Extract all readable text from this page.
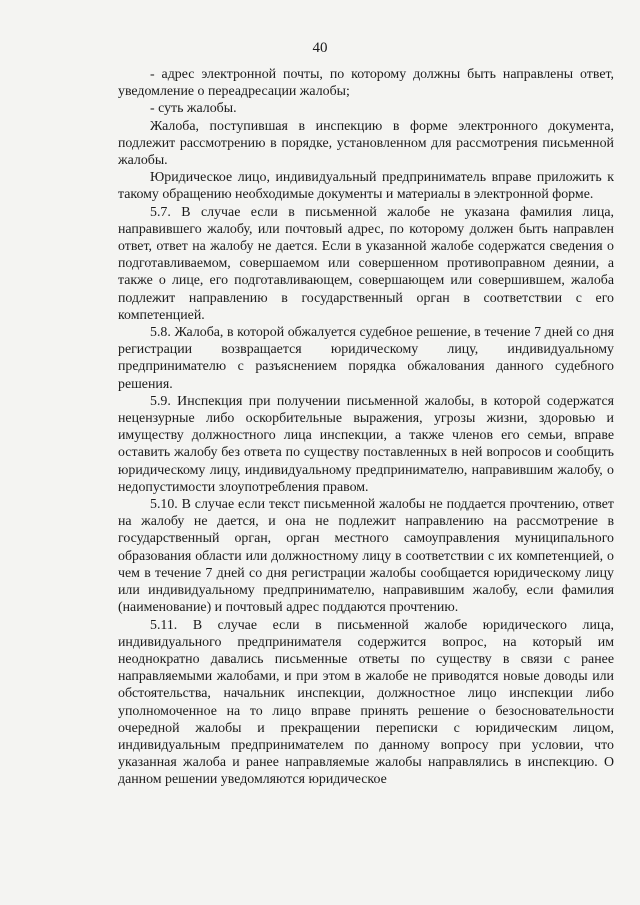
40

- адрес электронной почты, по которому должны быть направлены ответ, уведомление о переадресации жалобы;

- суть жалобы.

Жалоба, поступившая в инспекцию в форме электронного документа, подлежит рассмотрению в порядке, установленном для рассмотрения письменной жалобы.

Юридическое лицо, индивидуальный предприниматель вправе приложить к такому обращению необходимые документы и материалы в электронной форме.

5.7. В случае если в письменной жалобе не указана фамилия лица, направившего жалобу, или почтовый адрес, по которому должен быть направлен ответ, ответ на жалобу не дается. Если в указанной жалобе содержатся сведения о подготавливаемом, совершаемом или совершенном противоправном деянии, а также о лице, его подготавливающем, совершающем или совершившем, жалоба подлежит направлению в государственный орган в соответствии с его компетенцией.

5.8. Жалоба, в которой обжалуется судебное решение, в течение 7 дней со дня регистрации возвращается юридическому лицу, индивидуальному предпринимателю с разъяснением порядка обжалования данного судебного решения.

5.9. Инспекция при получении письменной жалобы, в которой содержатся нецензурные либо оскорбительные выражения, угрозы жизни, здоровью и имуществу должностного лица инспекции, а также членов его семьи, вправе оставить жалобу без ответа по существу поставленных в ней вопросов и сообщить юридическому лицу, индивидуальному предпринимателю, направившим жалобу, о недопустимости злоупотребления правом.

5.10. В случае если текст письменной жалобы не поддается прочтению, ответ на жалобу не дается, и она не подлежит направлению на рассмотрение в государственный орган, орган местного самоуправления муниципального образования области или должностному лицу в соответствии с их компетенцией, о чем в течение 7 дней со дня регистрации жалобы сообщается юридическому лицу или индивидуальному предпринимателю, направившим жалобу, если фамилия (наименование) и почтовый адрес поддаются прочтению.

5.11. В случае если в письменной жалобе юридического лица, индивидуального предпринимателя содержится вопрос, на который им неоднократно давались письменные ответы по существу в связи с ранее направляемыми жалобами, и при этом в жалобе не приводятся новые доводы или обстоятельства, начальник инспекции, должностное лицо инспекции либо уполномоченное на то лицо вправе принять решение о безосновательности очередной жалобы и прекращении переписки с юридическим лицом, индивидуальным предпринимателем по данному вопросу при условии, что указанная жалоба и ранее направляемые жалобы направлялись в инспекцию. О данном решении уведомляются юридическое
